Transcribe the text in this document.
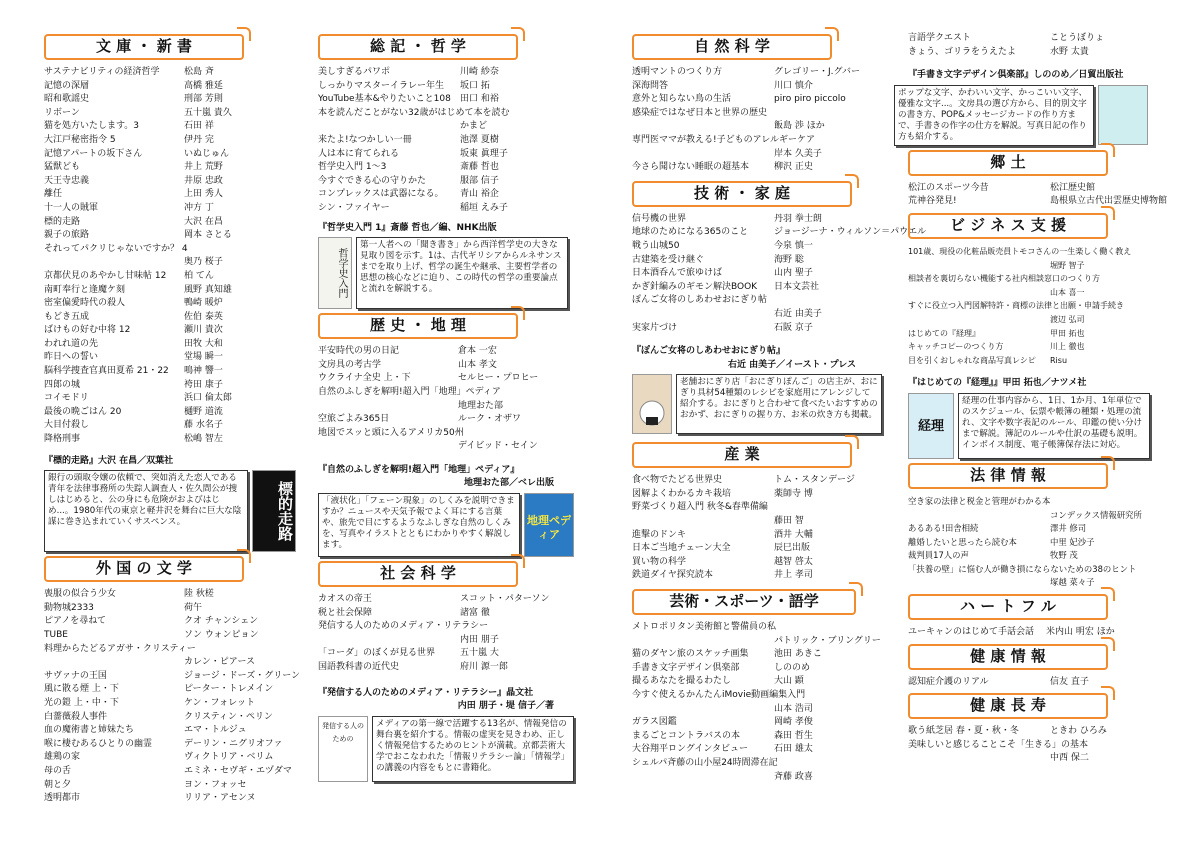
文 庫 ・ 新 書
サステナビリティの経済哲学	松島 斉
記憶の深層	高橋 雅延
昭和歌謡史	刑部 芳則
リボーン	五十嵐 貴久
猫を処方いたします。3	石田 祥
大江戸秘密指令 5	伊丹 完
記憶アパートの坂下さん	いぬじゅん
猛獣ども	井上 荒野
天王寺忠義	井原 忠政
離任	上田 秀人
十一人の賊軍	冲方 丁
標的走路	大沢 在昌
親子の旅路	岡本 さとる
それってパクリじゃないですか？ 4
奥乃 桜子
京都伏見のあやかし甘味帖 12 柏 てん
南町奉行と逢魔ケ刻	風野 真知雄
密室偏愛時代の殺人	鴨崎 暖炉
もどき五成	佐伯 泰英
ばけもの好む中将 12	瀬川 貴次
われれ道の先	田牧 大和
昨日への誓い	堂場 瞬一
脳科学捜査官真田夏希 21・22 鳴神 響一
四郎の城	袴田 康子
コイモドリ	浜口 倫太郎
最後の晩ごはん 20	樋野 道流
大目付殺し	藤 水名子
降格刑事	松嶋 智左
『標的走路』大沢 在昌／双葉社
銀行の頭取令嬢の依頼で、突如消えた恋人である青年を法律事務所の失踪人調査人・佐久間公が捜しはじめると、公の身にも危険がおよびはじめ...。1980年代の東京と軽井沢を舞台に巨大な陰謀に巻き込まれていくサスペンス。	標的走路
外 国 の 文 学
喪服の似合う少女	陸 秋槎
動物城2333	荷午
ピアノを尋ねて	クオ チャンシェン
TUBE	ソン ウォンピョン
料理からたどるアガサ・クリスティー
カレン・ピアース
サヴァナの王国	ジョージ・ドーズ・グリーン
風に散る煙 上・下	ピーター・トレメイン
光の鎧 上・中・下	ケン・フォレット
白薔薇殺人事件	クリスティン・ペリン
血の魔術書と姉妹たち	エマ・トルジュ
喉に棲むあるひとりの幽霊	デーリン・ニグリオファ
雄鶏の家	ヴィクトリア・ベリム
母の舌	エミネ・セヴギ・エヅダマ
朝と夕	ヨン・フォッセ
透明都市	リリア・アセンヌ
総 記 ・ 哲 学
美しすぎるパワポ	川崎 紗奈
しっかりマスターイラレー年生 坂口 拓
YouTube基本&やりたいこと108 田口 和裕
本を読んだことがない32歳がはじめて本を読む
かまど
来たよ!なつかしい一冊	池澤 夏樹
人は本に育てられる	坂東 眞理子
哲学史入門 1〜3	斎藤 哲也
今すぐできる心の守りかた	服部 信子
コンプレックスは武器になる。 青山 裕企
シン・ファイヤー	稲垣 えみ子
『哲学史入門 1』斎藤 哲也／編、NHK出版
哲学史入門
第一人者への「聞き書き」から西洋哲学史の大きな見取り図を示す。1は、古代ギリシアからルネサンスまでを取り上げ、哲学の誕生や継承、主要哲学者の思想の核心などに迫り、この時代の哲学の重要論点と流れを解説する。
歴 史 ・ 地 理
平安時代の男の日記	倉本 一宏
文房具の考古学	山本 孝文
ウクライナ全史 上・下	セルヒー・プロヒー
自然のふしぎを解明!超入門「地理」ペディア
地理おた部
空旅ごよみ365日	ルーク・オザワ
地図でスッと頭に入るアメリカ50州
デイビッド・セイン
『自然のふしぎを解明!超入門「地理」ペディア』
地理おた部／ベレ出版
「液状化」「フェーン現象」のしくみを説明できますか？ニュースや天気予報でよく耳にする言葉や、旅先で目にするようなふしぎな自然のしくみを、写真やイラストとともにわかりやすく解説します。
地理ペディア
社 会 科 学
カオスの帝王	スコット・パターソン
税と社会保障	諸富 徹
発信する人のためのメディア・リテラシー
内田 朋子
「コーダ」のぼくが見る世界	五十嵐 大
国語教科書の近代史	府川 源一郎
『発信する人のためのメディア・リテラシー』晶文社
内田 朋子・堤 信子／著
発信する人のための
メディアの第一線で活躍する13名が、情報発信の舞台裏を紹介する。情報の虚実を見きわめ、正しく情報発信するためのヒントが満載。京都芸術大学でおこなわれた「情報リテラシー論」「情報学」の講義の内容をもとに書籍化。
自 然 科 学
透明マントのつくり方	グレゴリー・J.グバー
深海問答	川口 慎介
意外と知らない鳥の生活	piro piro piccolo
感染症ではなぜ日本と世界の歴史
飯島 渉 ほか
専門医ママが教える!子どものアレルギーケア
岸本 久美子
今さら聞けない睡眠の超基本	柳沢 正史
技 術 ・ 家 庭
信号機の世界	丹羽 拳士朗
地球のためになる365のこと	ジョージーナ・ウィルソン＝パウエル
戦う山城50	今泉 慎一
古建築を受け継ぐ	海野 聡
日本酒呑んで旅ゆけば	山内 聖子
かぎ針編みのギモン解決BOOK 日本文芸社
ぽんご女将のしあわせおにぎり帖
右近 由美子
実家片づけ	石阪 京子
『ぽんご女将のしあわせおにぎり帖』
右近 由美子／イースト・プレス
老舗おにぎり店「おにぎりぽんご」の店主が、おにぎり具材54種類のレシピを家庭用にアレンジして紹介する。おにぎりと合わせて食べたいおすすめのおかず、おにぎりの握り方、お米の炊き方も掲載。
産 業
食べ物でたどる世界史	トム・スタンデージ
図解よくわかるカキ栽培	薬師寺 博
野菜づくり超入門 秋冬&春準備編
藤田 智
進撃のドンキ	酒井 大輔
日本ご当地チェーン大全	辰巳出版
買い物の科学	越智 啓太
鉄道ダイヤ探究読本	井上 孝司
芸術・スポーツ・語学
メトロポリタン美術館と警備員の私
パトリック・ブリングリー
猫のダヤン旅のスケッチ画集	池田 あきこ
手書き文字デザイン倶楽部	しののめ
撮るあなたを撮るわたし	大山 顕
今すぐ使えるかんたんiMovie動画編集入門
山本 浩司
ガラス図鑑	岡崎 孝俊
まるごとコントラバスの本	森田 哲生
大谷翔平ロングインタビュー	石田 雄太
シェルパ斉藤の山小屋24時間滞在記
斉藤 政喜
言語学クエスト	ことうぼりょ
きょう、ゴリラをうえたよ	水野 太貴
『手書き文字デザイン倶楽部』しののめ／日貿出版社
ポップな文字、かわいい文字、かっこいい文字、優雅な文字...。文房具の選び方から、目的別文字の書き方、POP&メッセージカードの作り方まで、手書きの作字の仕方を解説。写真日記の作り方も紹介する。
郷 土
松江のスポーツ今昔	松江歴史館
荒神谷発見!	島根県立古代出雲歴史博物館
ビ ジ ネ ス 支 援
101歳、現役の化粧品販売員トモコさんの一生楽しく働く教え
堀野 智子
相談者を裏切らない機能する社内相談窓口のつくり方
山本 喜一
すぐに役立つ入門図解特許・商標の法律と出願・申請手続き
渡辺 弘司
はじめての『経理』	甲田 拓也
キャッチコピーのつくり方	川上 徹也
目を引くおしゃれな商品写真レシピ Risu
『はじめての『経理』』甲田 拓也／ナツメ社
経理
経理の仕事内容から、1日、1か月、1年単位でのスケジュール、伝票や帳簿の種類・処理の流れ、文字や数字表記のルール、印鑑の使い分けまで解説。簿記のルールや仕訳の基礎も説明。インボイス制度、電子帳簿保存法に対応。
法 律 情 報
空き家の法律と税金と管理がわかる本
コンデックス情報研究所
あるある!田舎相続	澤井 修司
離婚したいと思ったら読む本	中里 妃沙子
裁判員17人の声	牧野 茂
「扶養の壁」に悩む人が働き損にならないための38のヒント
塚越 菜々子
ハ ー ト フ ル
ユーキャンのはじめて手話会話 米内山 明宏 ほか
健 康 情 報
認知症介護のリアル	信友 直子
健 康 長 寿
歌う紙芝居 春・夏・秋・冬	ときわ ひろみ
美味しいと感じることこそ「生きる」の基本
中西 保二
